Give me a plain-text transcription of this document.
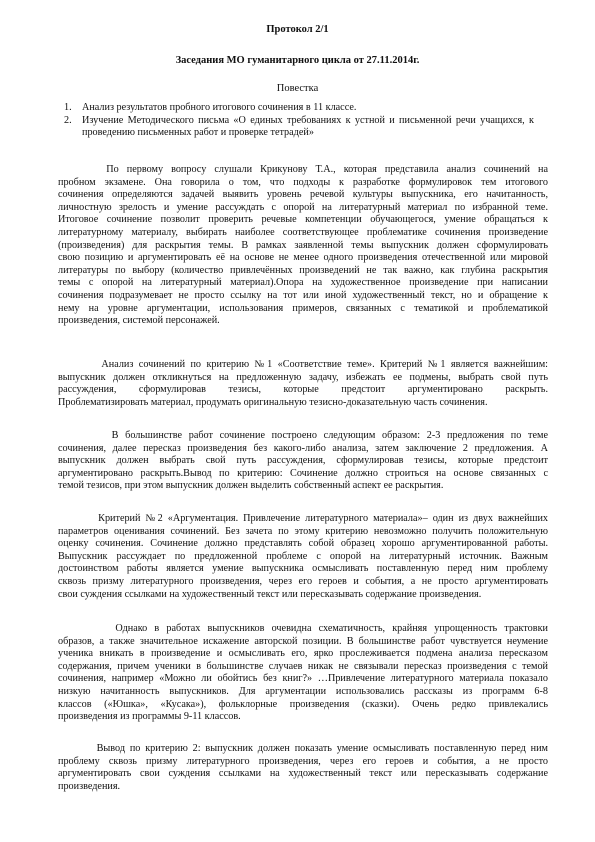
Протокол 2/1
Заседания МО гуманитарного цикла от 27.11.2014г.
Повестка
1.	Анализ результатов пробного итогового сочинения в 11 классе.
2.	Изучение Методического письма «О единых требованиях к устной и письменной речи учащихся, к проведению письменных работ и проверке тетрадей»
По первому вопросу слушали Крикунову Т.А., которая представила анализ сочинений на
пробном экзамене. Она говорила о том, что подходы к разработке формулировок тем итогового
сочинения определяются задачей выявить уровень речевой культуры выпускника, его начитанность,
личностную зрелость и умение рассуждать с опорой на литературный материал по избранной теме.
Итоговое сочинение позволит проверить речевые компетенции обучающегося, умение обращаться к
литературному материалу, выбирать наиболее соответствующее проблематике сочинения произведение
(произведения) для раскрытия темы. В рамках заявленной темы выпускник должен сформулировать
свою позицию и аргументировать её на основе не менее одного произведения отечественной или мировой
литературы по выбору (количество привлечённых произведений не так важно, как глубина раскрытия
темы с опорой на литературный материал).Опора на художественное произведение при написании
сочинения подразумевает не просто ссылку на тот или иной художественный текст, но и обращение к
нему на уровне аргументации, использования примеров, связанных с тематикой и проблематикой
произведения, системой персонажей.
Анализ сочинений по критерию №1 «Соответствие теме». Критерий №1 является важнейшим:
выпускник должен откликнуться на предложенную задачу, избежать ее подмены, выбрать свой путь
рассуждения, сформулировав тезисы, которые предстоит аргументировано раскрыть.
Проблематизировать материал, продумать оригинальную тезисно-доказательную часть сочинения.
В большинстве работ сочинение построено следующим образом: 2-3 предложения по теме
сочинения, далее пересказ произведения без какого-либо анализа, затем заключение 2 предложения. А
выпускник должен выбрать свой путь рассуждения, сформулировав тезисы, которые предстоит
аргументировано раскрыть.Вывод по критерию: Сочинение должно строиться на основе связанных с
темой тезисов, при этом выпускник должен выделить собственный аспект ее раскрытия.
Критерий №2 «Аргументация. Привлечение литературного материала»– один из двух важнейших
параметров оценивания сочинений. Без зачета по этому критерию невозможно получить положительную
оценку сочинения. Сочинение должно представлять собой образец хорошо аргументированной работы.
Выпускник рассуждает по предложенной проблеме с опорой на литературный источник. Важным
достоинством работы является умение выпускника осмысливать поставленную перед ним проблему
сквозь призму литературного произведения, через его героев и события, а не просто аргументировать
свои суждения ссылками на художественный текст или пересказывать содержание произведения.
Однако в работах выпускников очевидна схематичность, крайняя упрощенность трактовки
образов, а также значительное искажение авторской позиции. В большинстве работ чувствуется неумение
ученика вникать в произведение и осмысливать его, ярко прослеживается подмена анализа пересказом
содержания, причем ученики в большинстве случаев никак не связывали пересказ произведения с темой
сочинения, например «Можно ли обойтись без книг?» …Привлечение литературного материала показало
низкую начитанность выпускников. Для аргументации использовались рассказы из программ 6-8
классов («Юшка», «Кусака»), фольклорные произведения (сказки). Очень редко привлекались
произведения из программы 9-11 классов.
Вывод по критерию 2: выпускник должен показать умение осмысливать поставленную перед ним
проблему сквозь призму литературного произведения, через его героев и события, а не просто
аргументировать свои суждения ссылками на художественный текст или пересказывать содержание
произведения.
